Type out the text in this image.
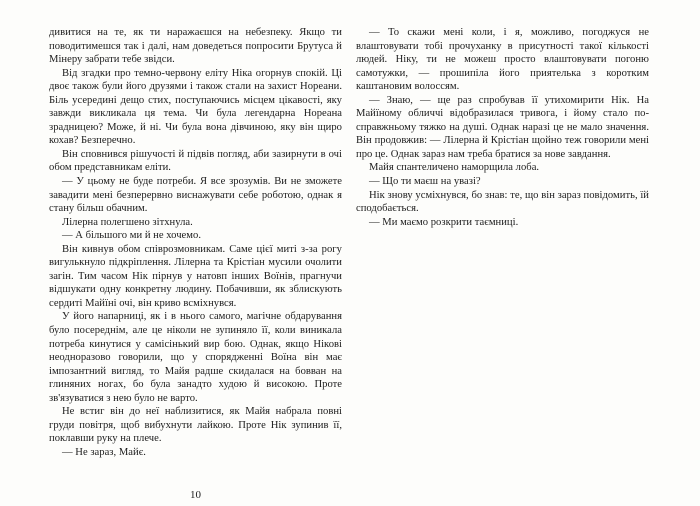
дивитися на те, як ти наражаєшся на небезпеку. Якщо ти поводитимешся так і далі, нам доведеться попросити Брутуса й Мінеру забрати тебе звідси.

Від згадки про темно-червону еліту Ніка огорнув спокій. Ці двоє також були його друзями і також стали на захист Нореани. Біль усередині дещо стих, поступаючись місцем цікавості, яку завжди викликала ця тема. Чи була легендарна Нореана зрадницею? Може, й ні. Чи була вона дівчиною, яку він щиро кохав? Безперечно.

Він сповнився рішучості й підвів погляд, аби зазирнути в очі обом представникам еліти.

— У цьому не буде потреби. Я все зрозумів. Ви не зможете завадити мені безперервно виснажувати себе роботою, однак я стану більш обачним.

Лілерна полегшено зітхнула.

— А більшого ми й не хочемо.

Він кивнув обом співрозмовникам. Саме цієї миті з-за рогу вигулькнуло підкріплення. Лілерна та Крістіан мусили очолити загін. Тим часом Нік пірнув у натовп інших Воїнів, прагнучи відшукати одну конкретну людину. Побачивши, як зблискують сердиті Майїні очі, він криво всміхнувся.

У його напарниці, як і в нього самого, магічне обдарування було посереднім, але це ніколи не зупиняло її, коли виникала потреба кинутися у самісінький вир бою. Однак, якщо Нікові неодноразово говорили, що у спорядженні Воїна він має імпозантний вигляд, то Майя радше скидалася на бовван на глиняних ногах, бо була занадто худою й високою. Проте зв'язуватися з нею було не варто.

Не встиг він до неї наблизитися, як Майя набрала повні груди повітря, щоб вибухнути лайкою. Проте Нік зупинив її, поклавши руку на плече.

— Не зараз, Майє.

10

— То скажи мені коли, і я, можливо, погоджуся не влаштовувати тобі прочуханку в присутності такої кількості людей. Ніку, ти не можеш просто влаштовувати погоню самотужки, — прошипіла його приятелька з коротким каштановим волоссям.

— Знаю, — ще раз спробував її утихомирити Нік. На Майїному обличчі відобразилася тривога, і йому стало по-справжньому тяжко на душі. Однак наразі це не мало значення. Він продовжив: — Лілерна й Крістіан щойно теж говорили мені про це. Однак зараз нам треба братися за нове завдання.

Майя спантеличено наморщила лоба.

— Що ти маєш на увазі?

Нік знову усміхнувся, бо знав: те, що він зараз повідомить, їй сподобається.

— Ми маємо розкрити таємниці.
